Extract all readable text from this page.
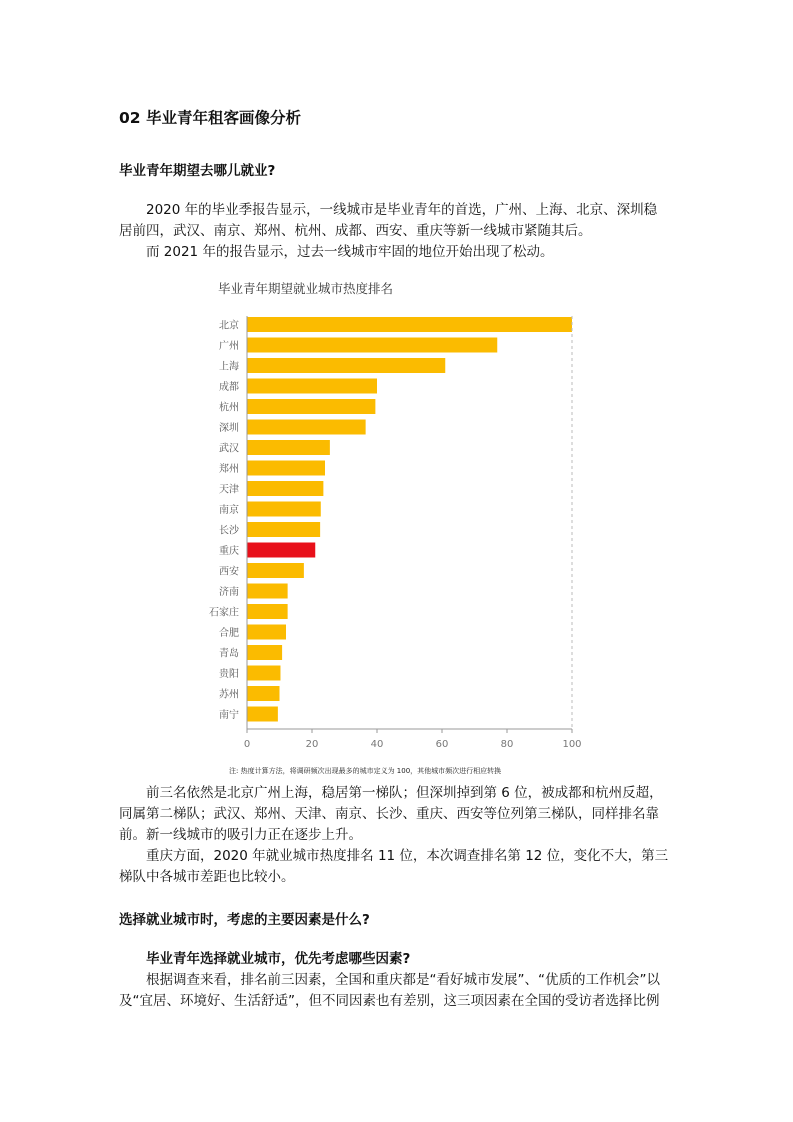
02 毕业青年租客画像分析
毕业青年期望去哪儿就业?
2020 年的毕业季报告显示，一线城市是毕业青年的首选，广州、上海、北京、深圳稳
居前四，武汉、南京、郑州、杭州、成都、西安、重庆等新一线城市紧随其后。
而 2021 年的报告显示，过去一线城市牢固的地位开始出现了松动。
毕业青年期望就业城市热度排名
北京
广州
上海
成都
杭州
深圳
武汉
郑州
天津
南京
长沙
重庆
西安
济南
石家庄
合肥
青岛
贵阳
苏州
南宁
0	20	40	60	80	100

注: 热度计算方法，将调研频次出现最多的城市定义为 100，其他城市频次进行相应转换

前三名依然是北京广州上海，稳居第一梯队；但深圳掉到第 6 位，被成都和杭州反超，
同属第二梯队；武汉、郑州、天津、南京、长沙、重庆、西安等位列第三梯队，同样排名靠
前。新一线城市的吸引力正在逐步上升。
重庆方面，2020 年就业城市热度排名 11 位，本次调查排名第 12 位，变化不大，第三
梯队中各城市差距也比较小。
选择就业城市时，考虑的主要因素是什么?
毕业青年选择就业城市，优先考虑哪些因素?
根据调查来看，排名前三因素，全国和重庆都是“看好城市发展”、“优质的工作机会”以
及“宜居、环境好、生活舒适”，但不同因素也有差别，这三项因素在全国的受访者选择比例
